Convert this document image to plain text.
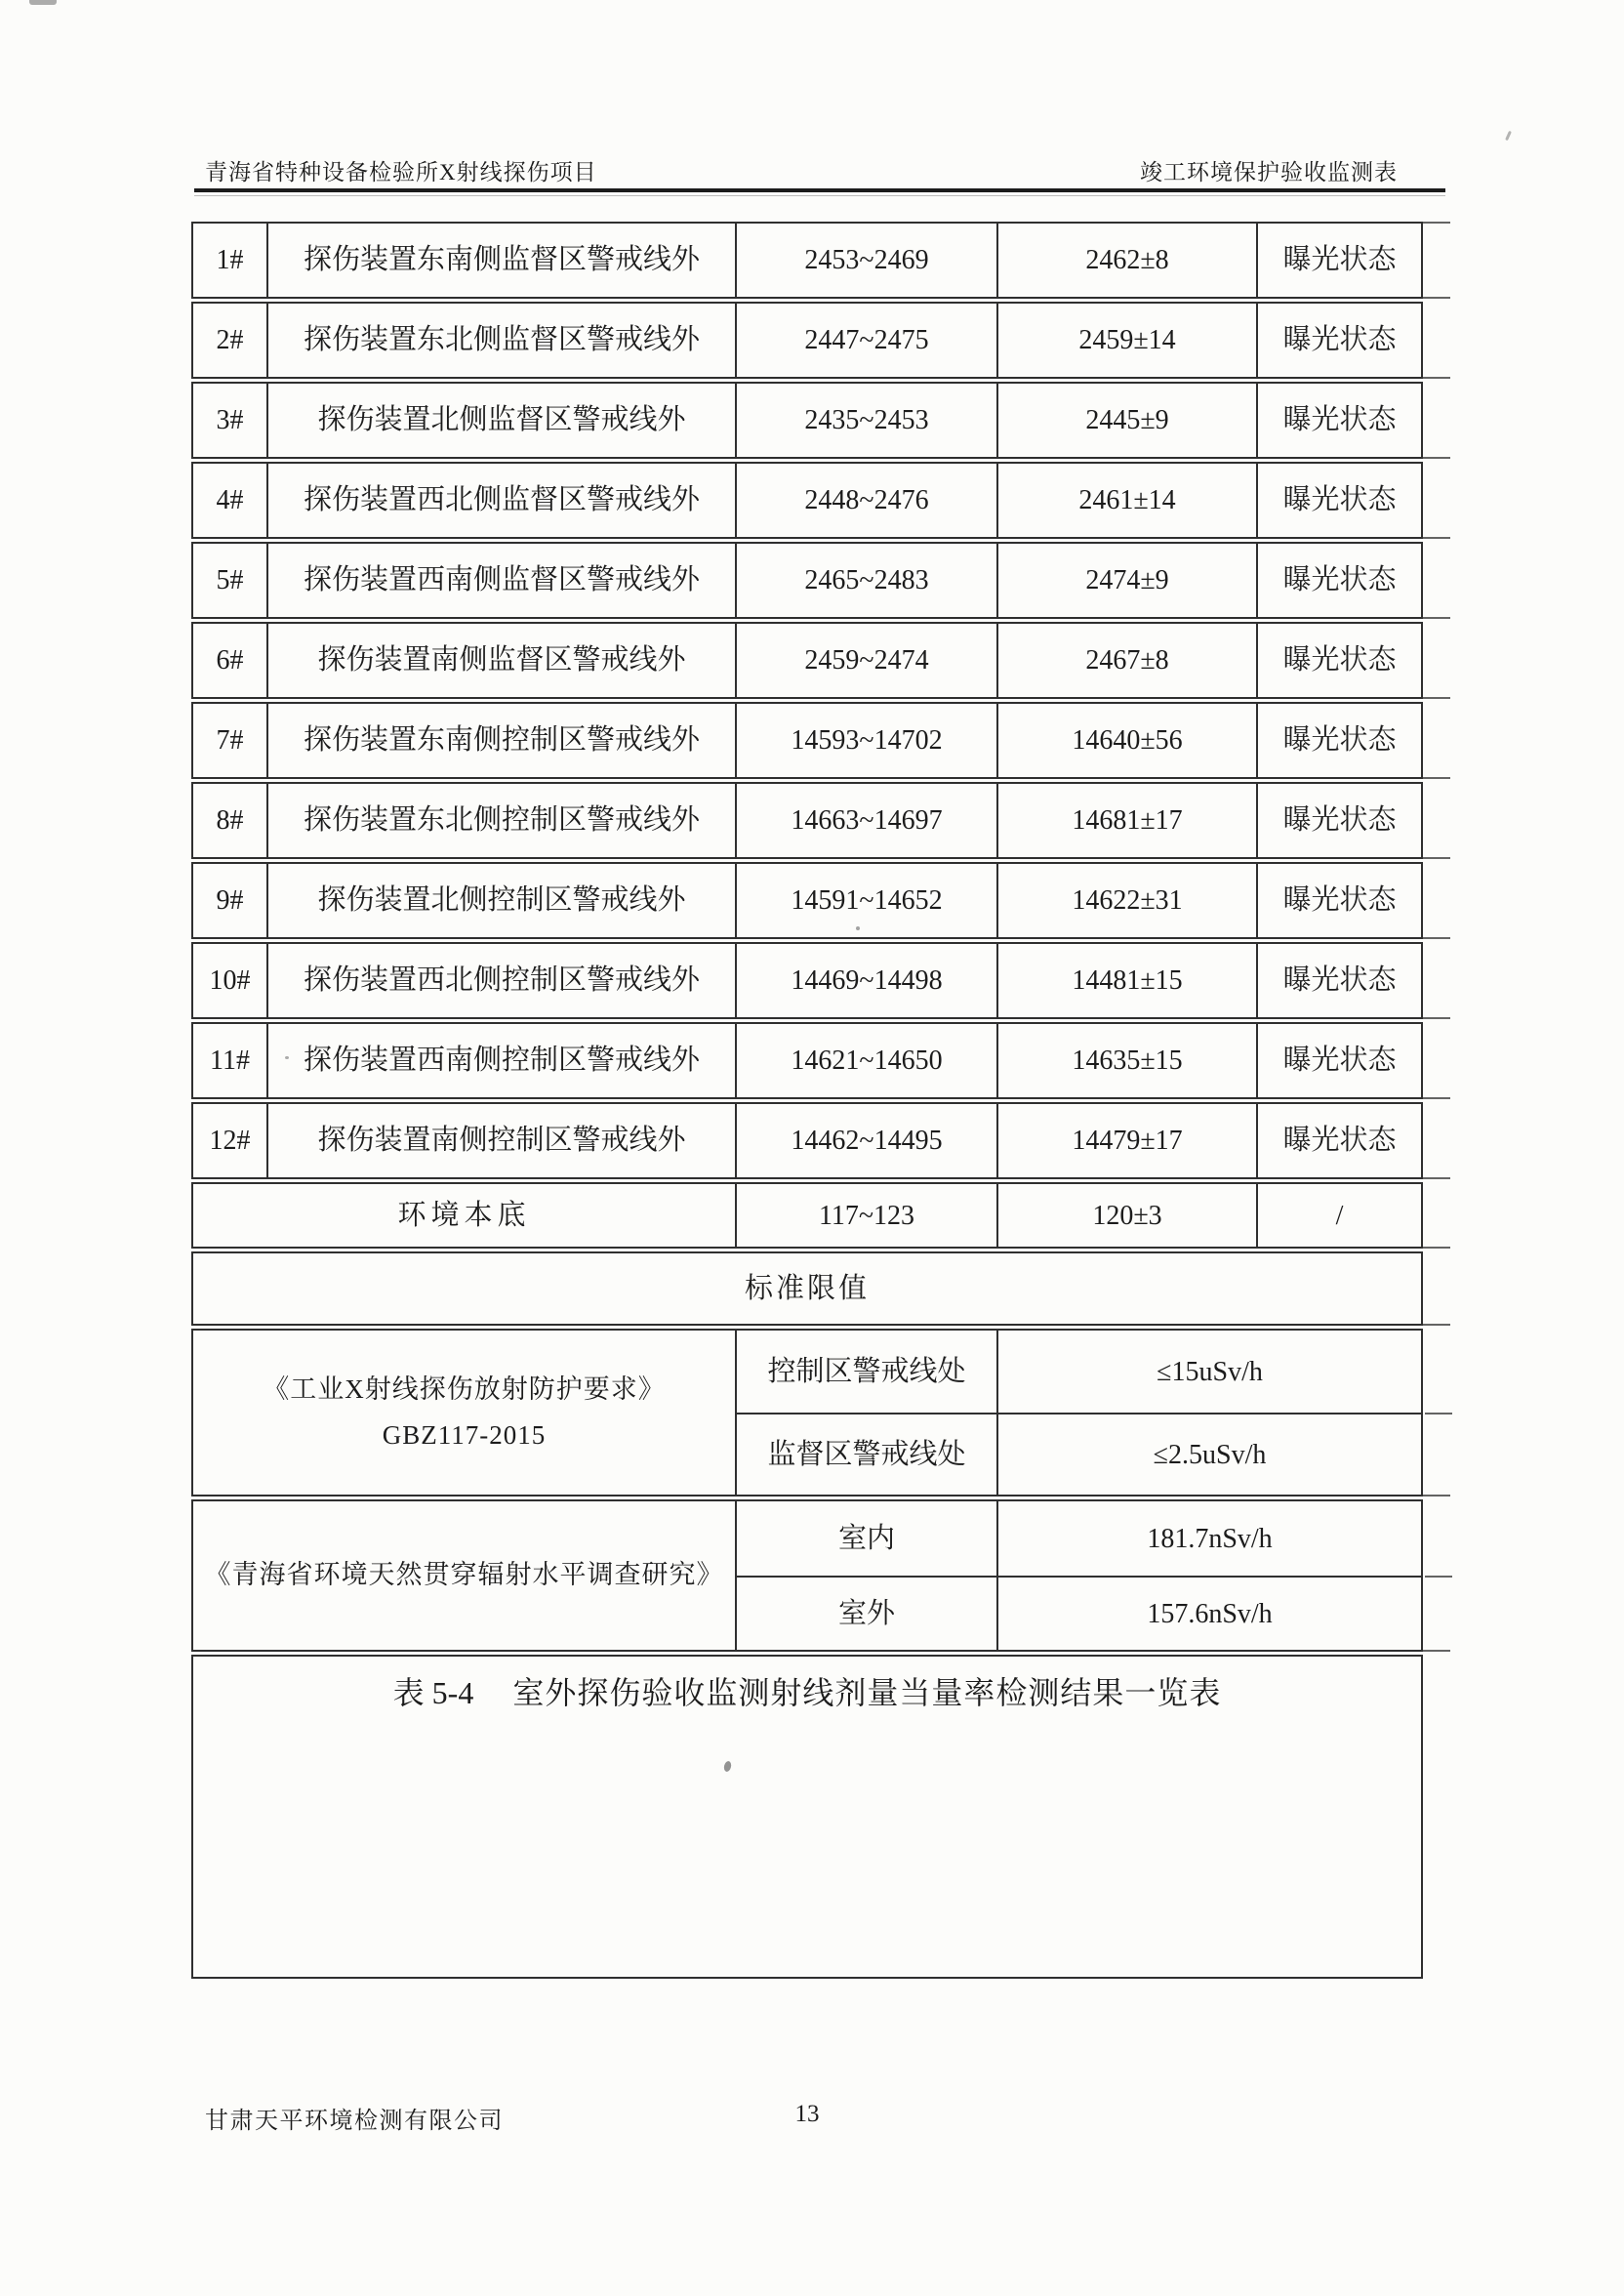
青海省特种设备检验所X射线探伤项目	竣工环境保护验收监测表
1#	探伤装置东南侧监督区警戒线外	2453~2469	2462±8	曝光状态
2#	探伤装置东北侧监督区警戒线外	2447~2475	2459±14	曝光状态
3#	探伤装置北侧监督区警戒线外	2435~2453	2445±9	曝光状态
4#	探伤装置西北侧监督区警戒线外	2448~2476	2461±14	曝光状态
5#	探伤装置西南侧监督区警戒线外	2465~2483	2474±9	曝光状态
6#	探伤装置南侧监督区警戒线外	2459~2474	2467±8	曝光状态
7#	探伤装置东南侧控制区警戒线外	14593~14702	14640±56	曝光状态
8#	探伤装置东北侧控制区警戒线外	14663~14697	14681±17	曝光状态
9#	探伤装置北侧控制区警戒线外	14591~14652	14622±31	曝光状态
10#	探伤装置西北侧控制区警戒线外	14469~14498	14481±15	曝光状态
11#	探伤装置西南侧控制区警戒线外	14621~14650	14635±15	曝光状态
12#	探伤装置南侧控制区警戒线外	14462~14495	14479±17	曝光状态
环境本底	117~123	120±3	/
标准限值
《工业X射线探伤放射防护要求》
GBZ117-2015
控制区警戒线处	≤15uSv/h
监督区警戒线处	≤2.5uSv/h
《青海省环境天然贯穿辐射水平调查研究》
室内	181.7nSv/h
室外	157.6nSv/h
表 5-4 室外探伤验收监测射线剂量当量率检测结果一览表
甘肃天平环境检测有限公司	13
